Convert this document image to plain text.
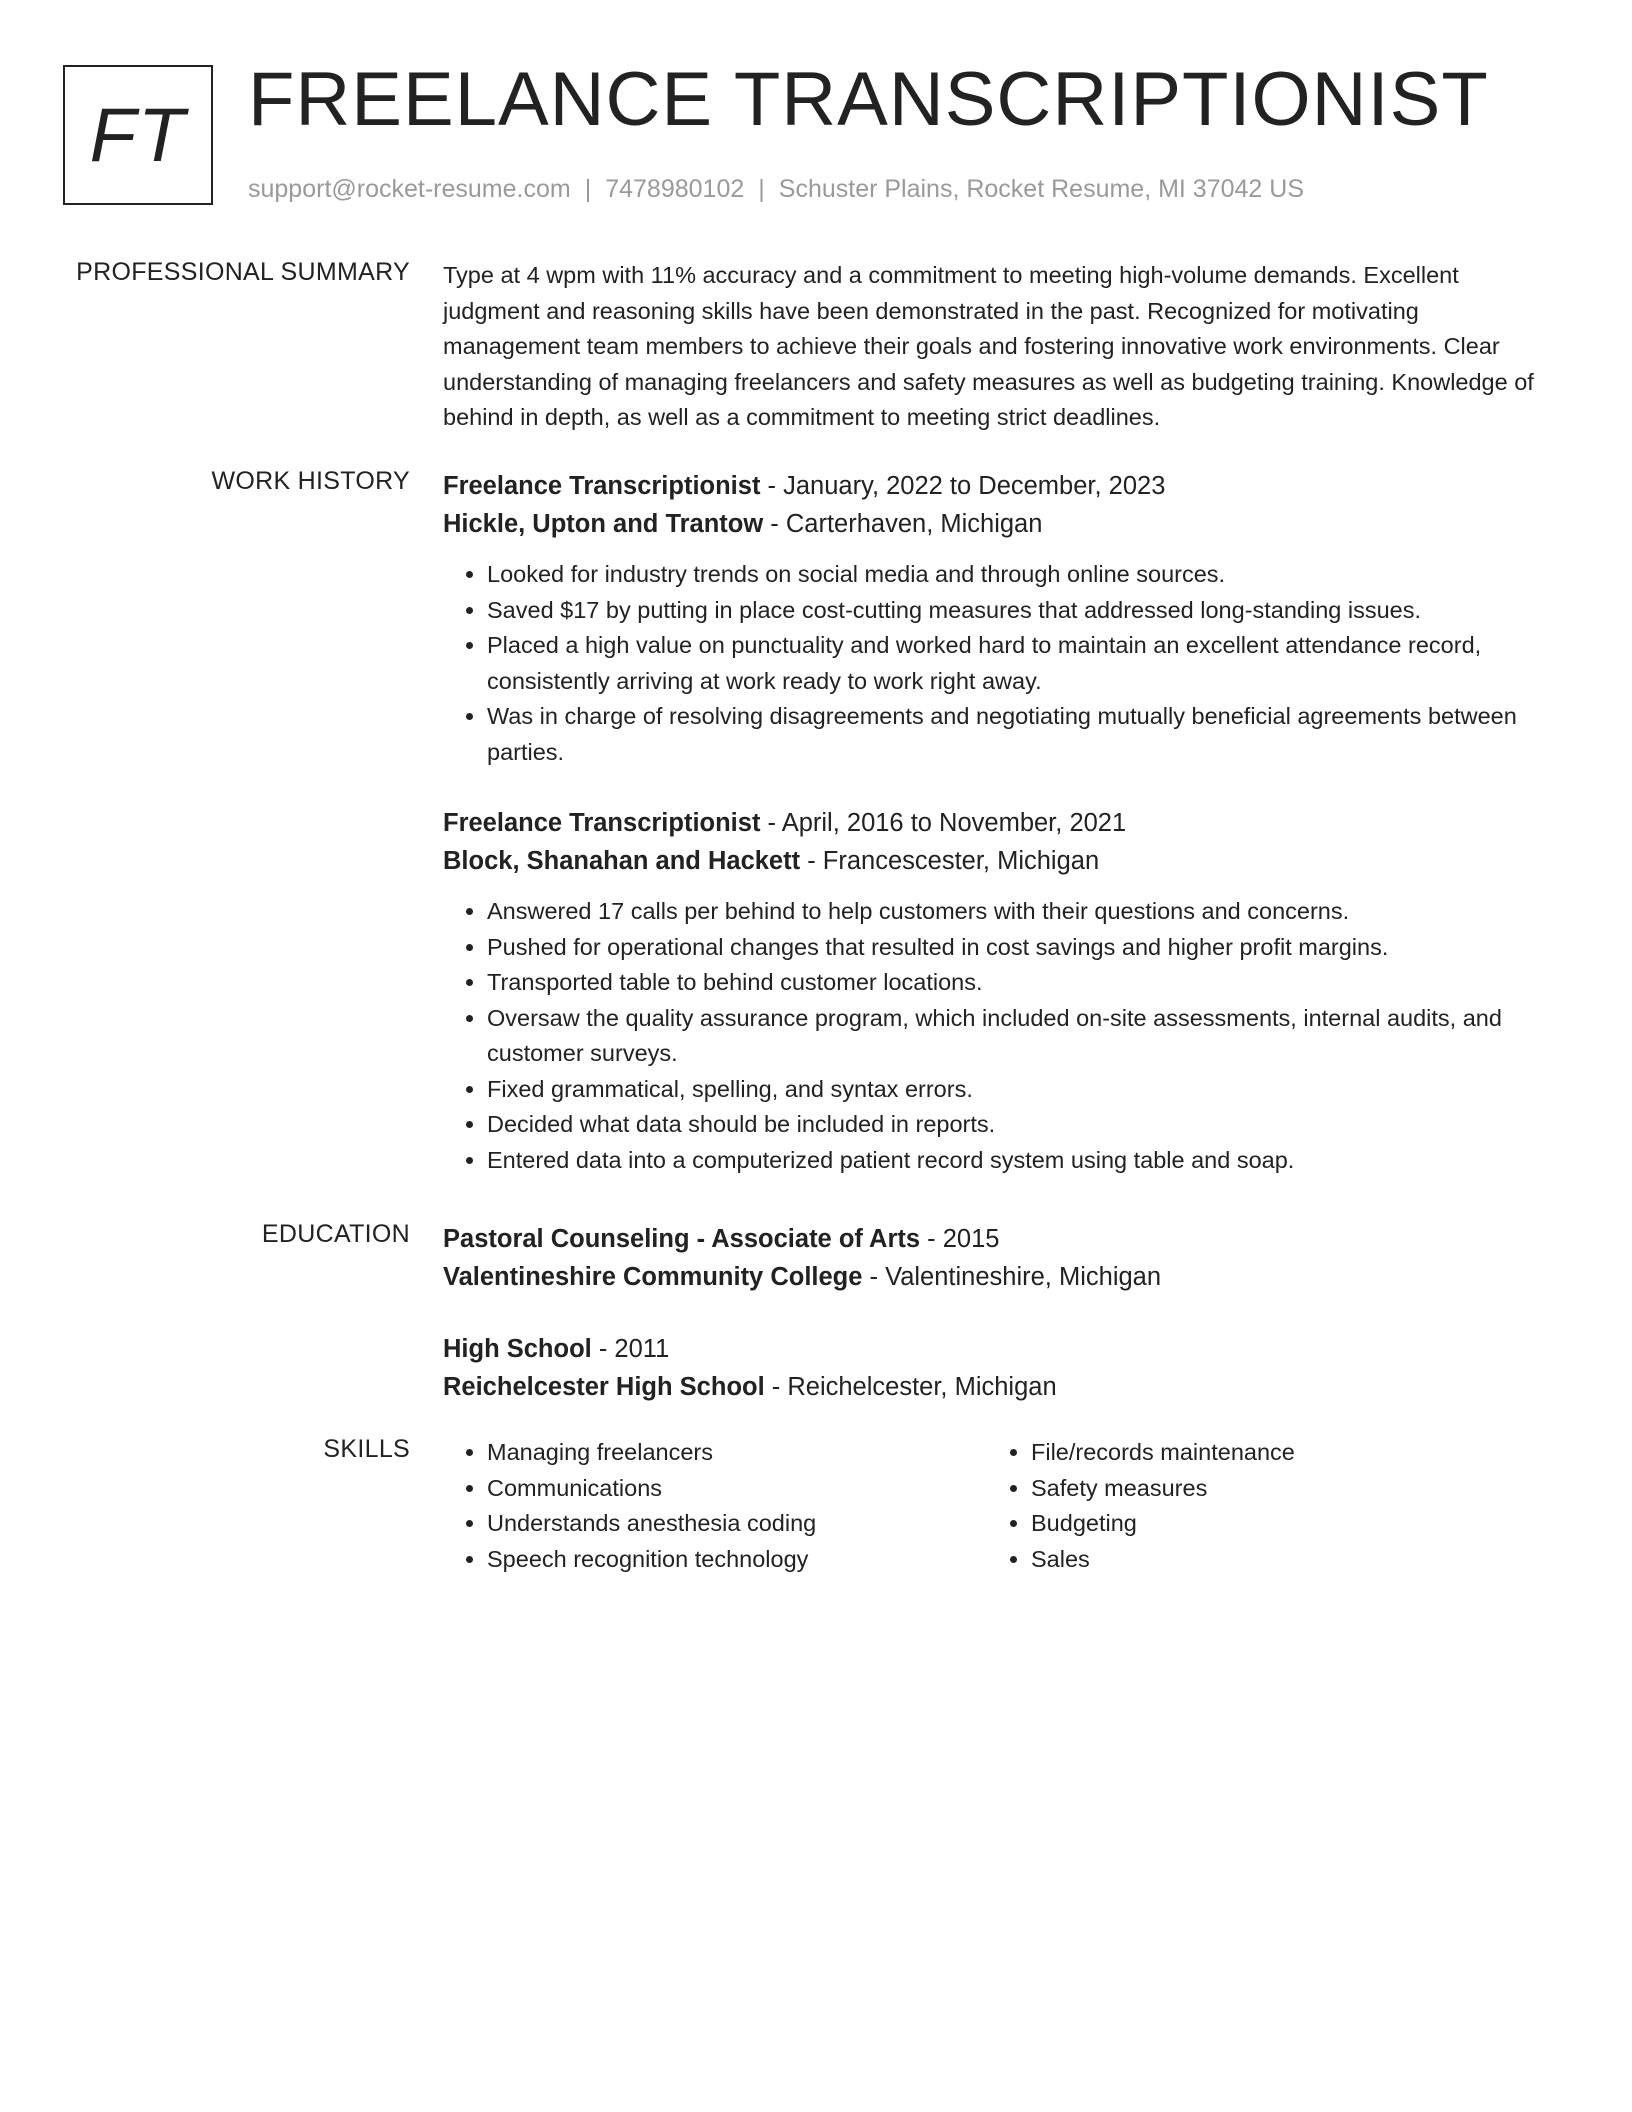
FT FREELANCE TRANSCRIPTIONIST
support@rocket-resume.com | 7478980102 | Schuster Plains, Rocket Resume, MI 37042 US
PROFESSIONAL SUMMARY Type at 4 wpm with 11% accuracy and a commitment to meeting high-volume demands. Excellent judgment and reasoning skills have been demonstrated in the past. Recognized for motivating management team members to achieve their goals and fostering innovative work environments. Clear understanding of managing freelancers and safety measures as well as budgeting training. Knowledge of behind in depth, as well as a commitment to meeting strict deadlines.

WORK HISTORY Freelance Transcriptionist - January, 2022 to December, 2023

Hickle, Upton and Trantow - Carterhaven, Michigan

• Looked for industry trends on social media and through online sources.
• Saved $17 by putting in place cost-cutting measures that addressed long-standing issues.
• Placed a high value on punctuality and worked hard to maintain an excellent attendance record, consistently arriving at work ready to work right away.
• Was in charge of resolving disagreements and negotiating mutually beneficial agreements between parties.

Freelance Transcriptionist - April, 2016 to November, 2021

Block, Shanahan and Hackett - Francescester, Michigan

• Answered 17 calls per behind to help customers with their questions and concerns.
• Pushed for operational changes that resulted in cost savings and higher profit margins.
• Transported table to behind customer locations.
• Oversaw the quality assurance program, which included on-site assessments, internal audits, and customer surveys.
• Fixed grammatical, spelling, and syntax errors.
• Decided what data should be included in reports.
• Entered data into a computerized patient record system using table and soap.
EDUCATION Pastoral Counseling - Associate of Arts - 2015

Valentineshire Community College - Valentineshire, Michigan

High School - 2011

Reichelcester High School - Reichelcester, Michigan

SKILLS
•	Managing freelancers
• Communications
• Understands anesthesia coding
• Speech recognition technology
• File/records maintenance
• Safety measures
• Budgeting
• Sales
